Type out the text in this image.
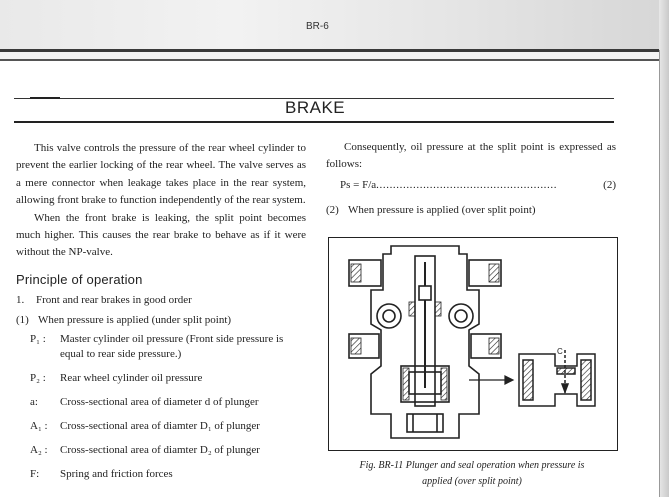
BR-6
BRAKE

This valve controls the pressure of the rear wheel cylinder to prevent the earlier locking of the rear wheel. The valve serves as a mere connector when leakage takes place in the rear system, allowing front brake to function independently of the rear system.

When the front brake is leaking, the split point becomes much higher. This causes the rear brake to behave as if it were without the NP-valve.

Principle of operation
1. Front and rear brakes in good order
(1) When pressure is applied (under split point)
P₁ :	Master cylinder oil pressure (Front side pressure is equal to rear side pressure.)
P₂ :	Rear wheel cylinder oil pressure
a:	Cross-sectional area of diameter d of plunger
A₁ :	Cross-sectional area of diamter D₁ of plunger
A₂ :	Cross-sectional area of diamter D₂ of plunger
F:	Spring and friction forces

Consequently, oil pressure at the split point is expressed as follows:

Ps = F/a ......................................................	(2)
(2) When pressure is applied (over split point)
C
Fig. BR-11 Plunger and seal operation when pressure is
applied (over split point)
